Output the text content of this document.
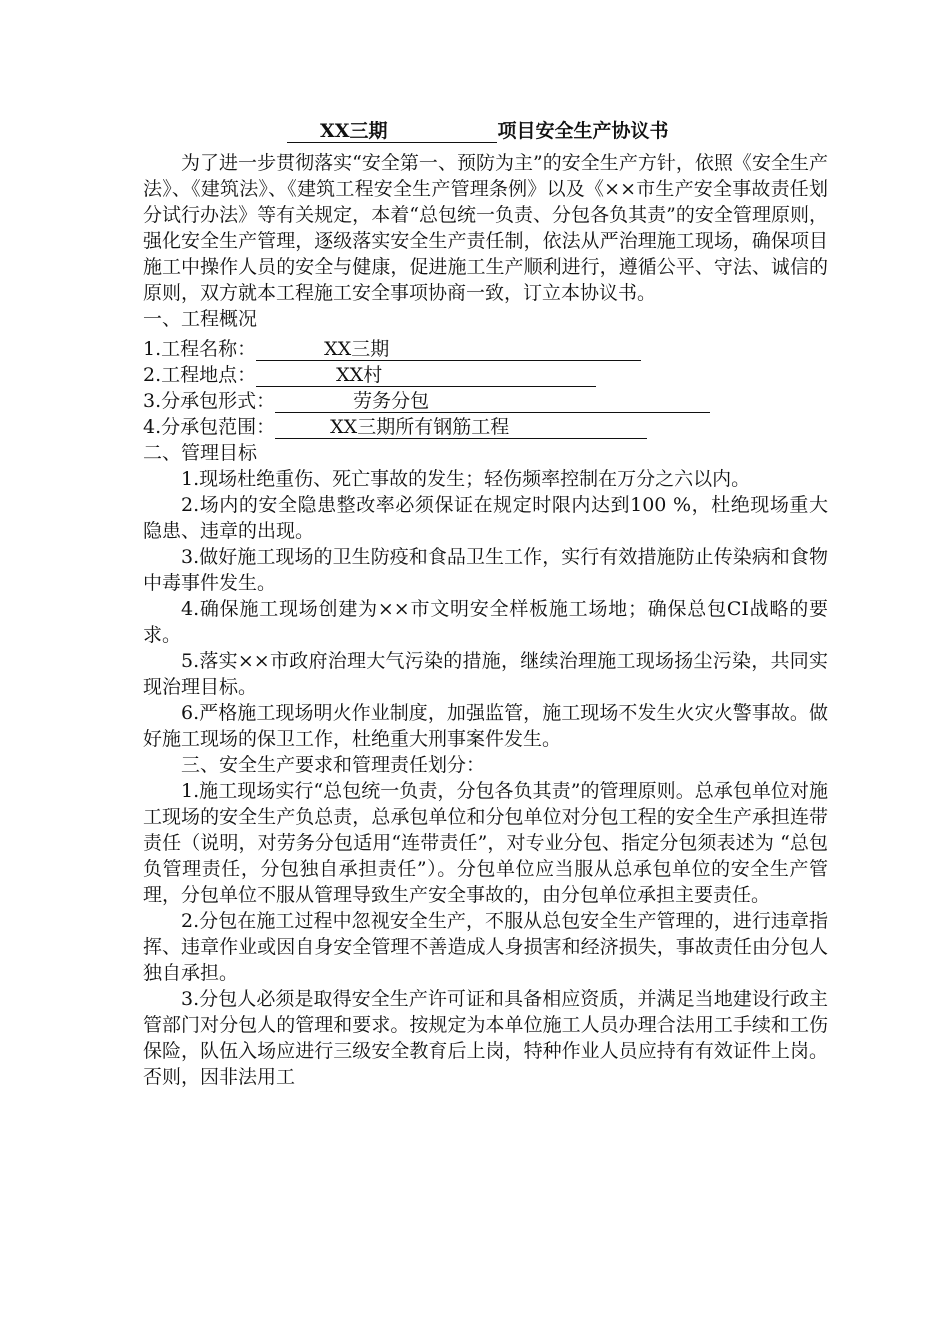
XX三期	项目安全生产协议书

为了进一步贯彻落实“安全第一、预防为主”的安全生产方针，依照《安全生产法》、《建筑法》、《建筑工程安全生产管理条例》以及《××市生产安全事故责任划分试行办法》等有关规定，本着“总包统一负责、分包各负其责”的安全管理原则，强化安全生产管理，逐级落实安全生产责任制，依法从严治理施工现场，确保项目施工中操作人员的安全与健康，促进施工生产顺利进行，遵循公平、守法、诚信的原则，双方就本工程施工安全事项协商一致，订立本协议书。

一、工程概况

1.工程名称：	XX三期
2.工程地点：	XX村
3.分承包形式：	劳务分包
4.分承包范围：	XX三期所有钢筋工程

二、管理目标

1.现场杜绝重伤、死亡事故的发生；轻伤频率控制在万分之六以内。

2.场内的安全隐患整改率必须保证在规定时限内达到100 %，杜绝现场重大隐患、违章的出现。

3.做好施工现场的卫生防疫和食品卫生工作，实行有效措施防止传染病和食物中毒事件发生。

4.确保施工现场创建为××市文明安全样板施工场地；确保总包CI战略的要求。

5.落实××市政府治理大气污染的措施，继续治理施工现场扬尘污染，共同实现治理目标。

6.严格施工现场明火作业制度，加强监管，施工现场不发生火灾火警事故。做好施工现场的保卫工作，杜绝重大刑事案件发生。

三、安全生产要求和管理责任划分：

1.施工现场实行“总包统一负责，分包各负其责”的管理原则。总承包单位对施工现场的安全生产负总责，总承包单位和分包单位对分包工程的安全生产承担连带责任（说明，对劳务分包适用“连带责任”，对专业分包、指定分包须表述为 “总包负管理责任，分包独自承担责任”）。分包单位应当服从总承包单位的安全生产管理，分包单位不服从管理导致生产安全事故的，由分包单位承担主要责任。

2.分包在施工过程中忽视安全生产，不服从总包安全生产管理的，进行违章指挥、违章作业或因自身安全管理不善造成人身损害和经济损失，事故责任由分包人独自承担。

3.分包人必须是取得安全生产许可证和具备相应资质，并满足当地建设行政主管部门对分包人的管理和要求。按规定为本单位施工人员办理合法用工手续和工伤保险，队伍入场应进行三级安全教育后上岗，特种作业人员应持有有效证件上岗。否则，因非法用工
